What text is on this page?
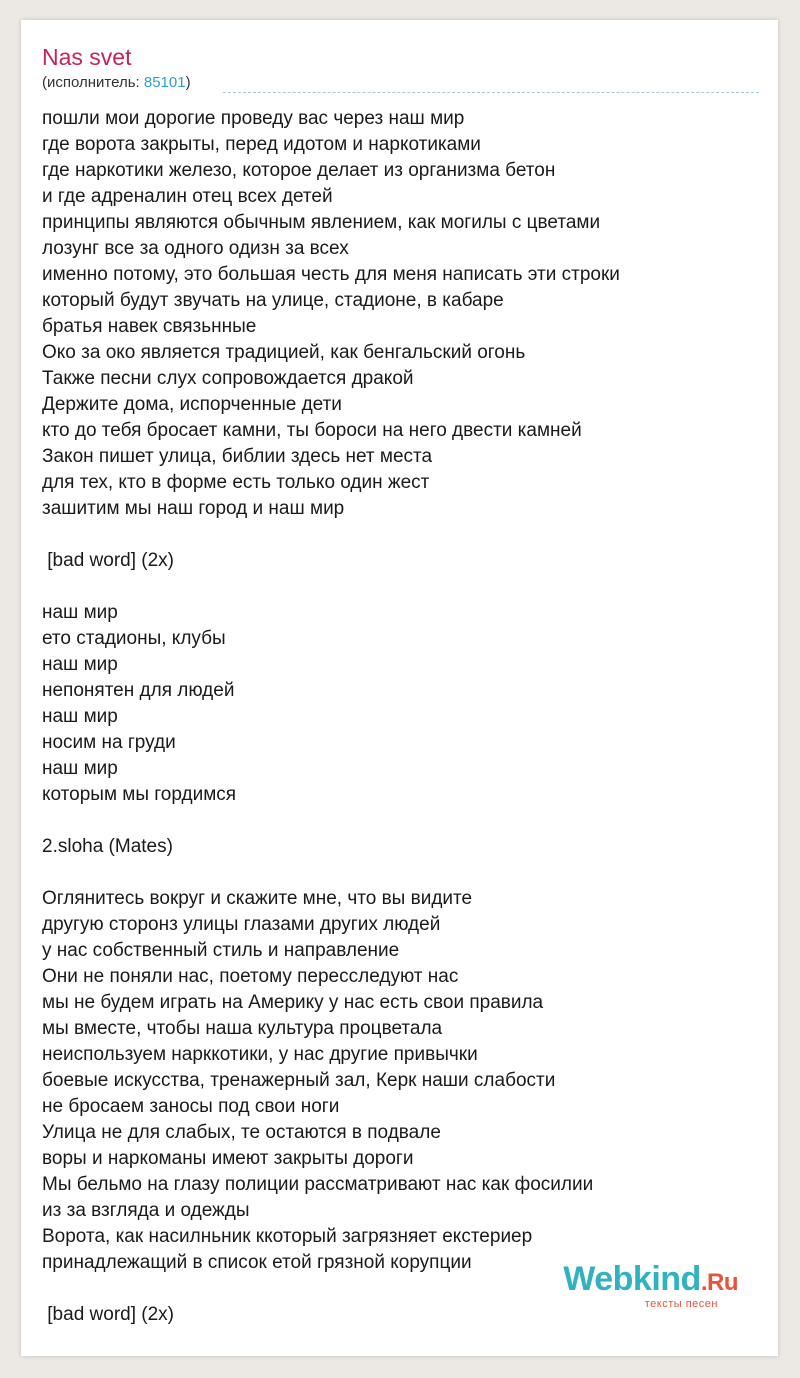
Nas svet
(исполнитель: 85101)
пошли мои дорогие проведу вас через наш мир
где ворота закрыты, перед идотом и наркотиками
где наркотики железо, которое делает из организма бетон
и где адреналин отец всех детей
принципы являются обычным явлением, как могилы с цветами
лозунг все за одного одизн за всех
именно потому, это большая честь для меня написать эти строки
который будут звучать на улице, стадионе, в кабаре
братья навек связьнные
Око за око является традицией, как бенгальский огонь
Также песни слух сопровождается дракой
Держите дома, испорченные дети
кто до тебя бросает камни, ты бороси на него двести камней
Закон пишет улица, библии здесь нет места
для тех, кто в форме есть только один жест
зашитим мы наш город и наш мир
[bad word] (2x)
наш мир
ето стадионы, клубы
наш мир
непонятен для людей
наш мир
носим на груди
наш мир
которым мы гордимся
2.sloha (Mates)
Оглянитесь вокруг и скажите мне, что вы видите
другую сторонз улицы глазами других людей
у нас собственный стиль и направление
Они не поняли нас, поетому пересследуют нас
мы не будем играть на Америку у нас есть свои правила
мы вместе, чтобы наша культура процветала
неиспользуем нарккотики, у нас другие привычки
боевые искусства, тренажерный зал, Керк наши слабости
не бросаем заносы под свои ноги
Улица не для слабых, те остаются в подвале
воры и наркоманы имеют закрыты дороги
Мы бельмо на глазу полиции рассматривают нас как фосилии
из за взгляда и одежды
Ворота, как насилньник ккоторый загрязняет екстериер
принадлежащий в список етой грязной корупции
[bad word] (2x)
Webkind.Ru
тексты песен
